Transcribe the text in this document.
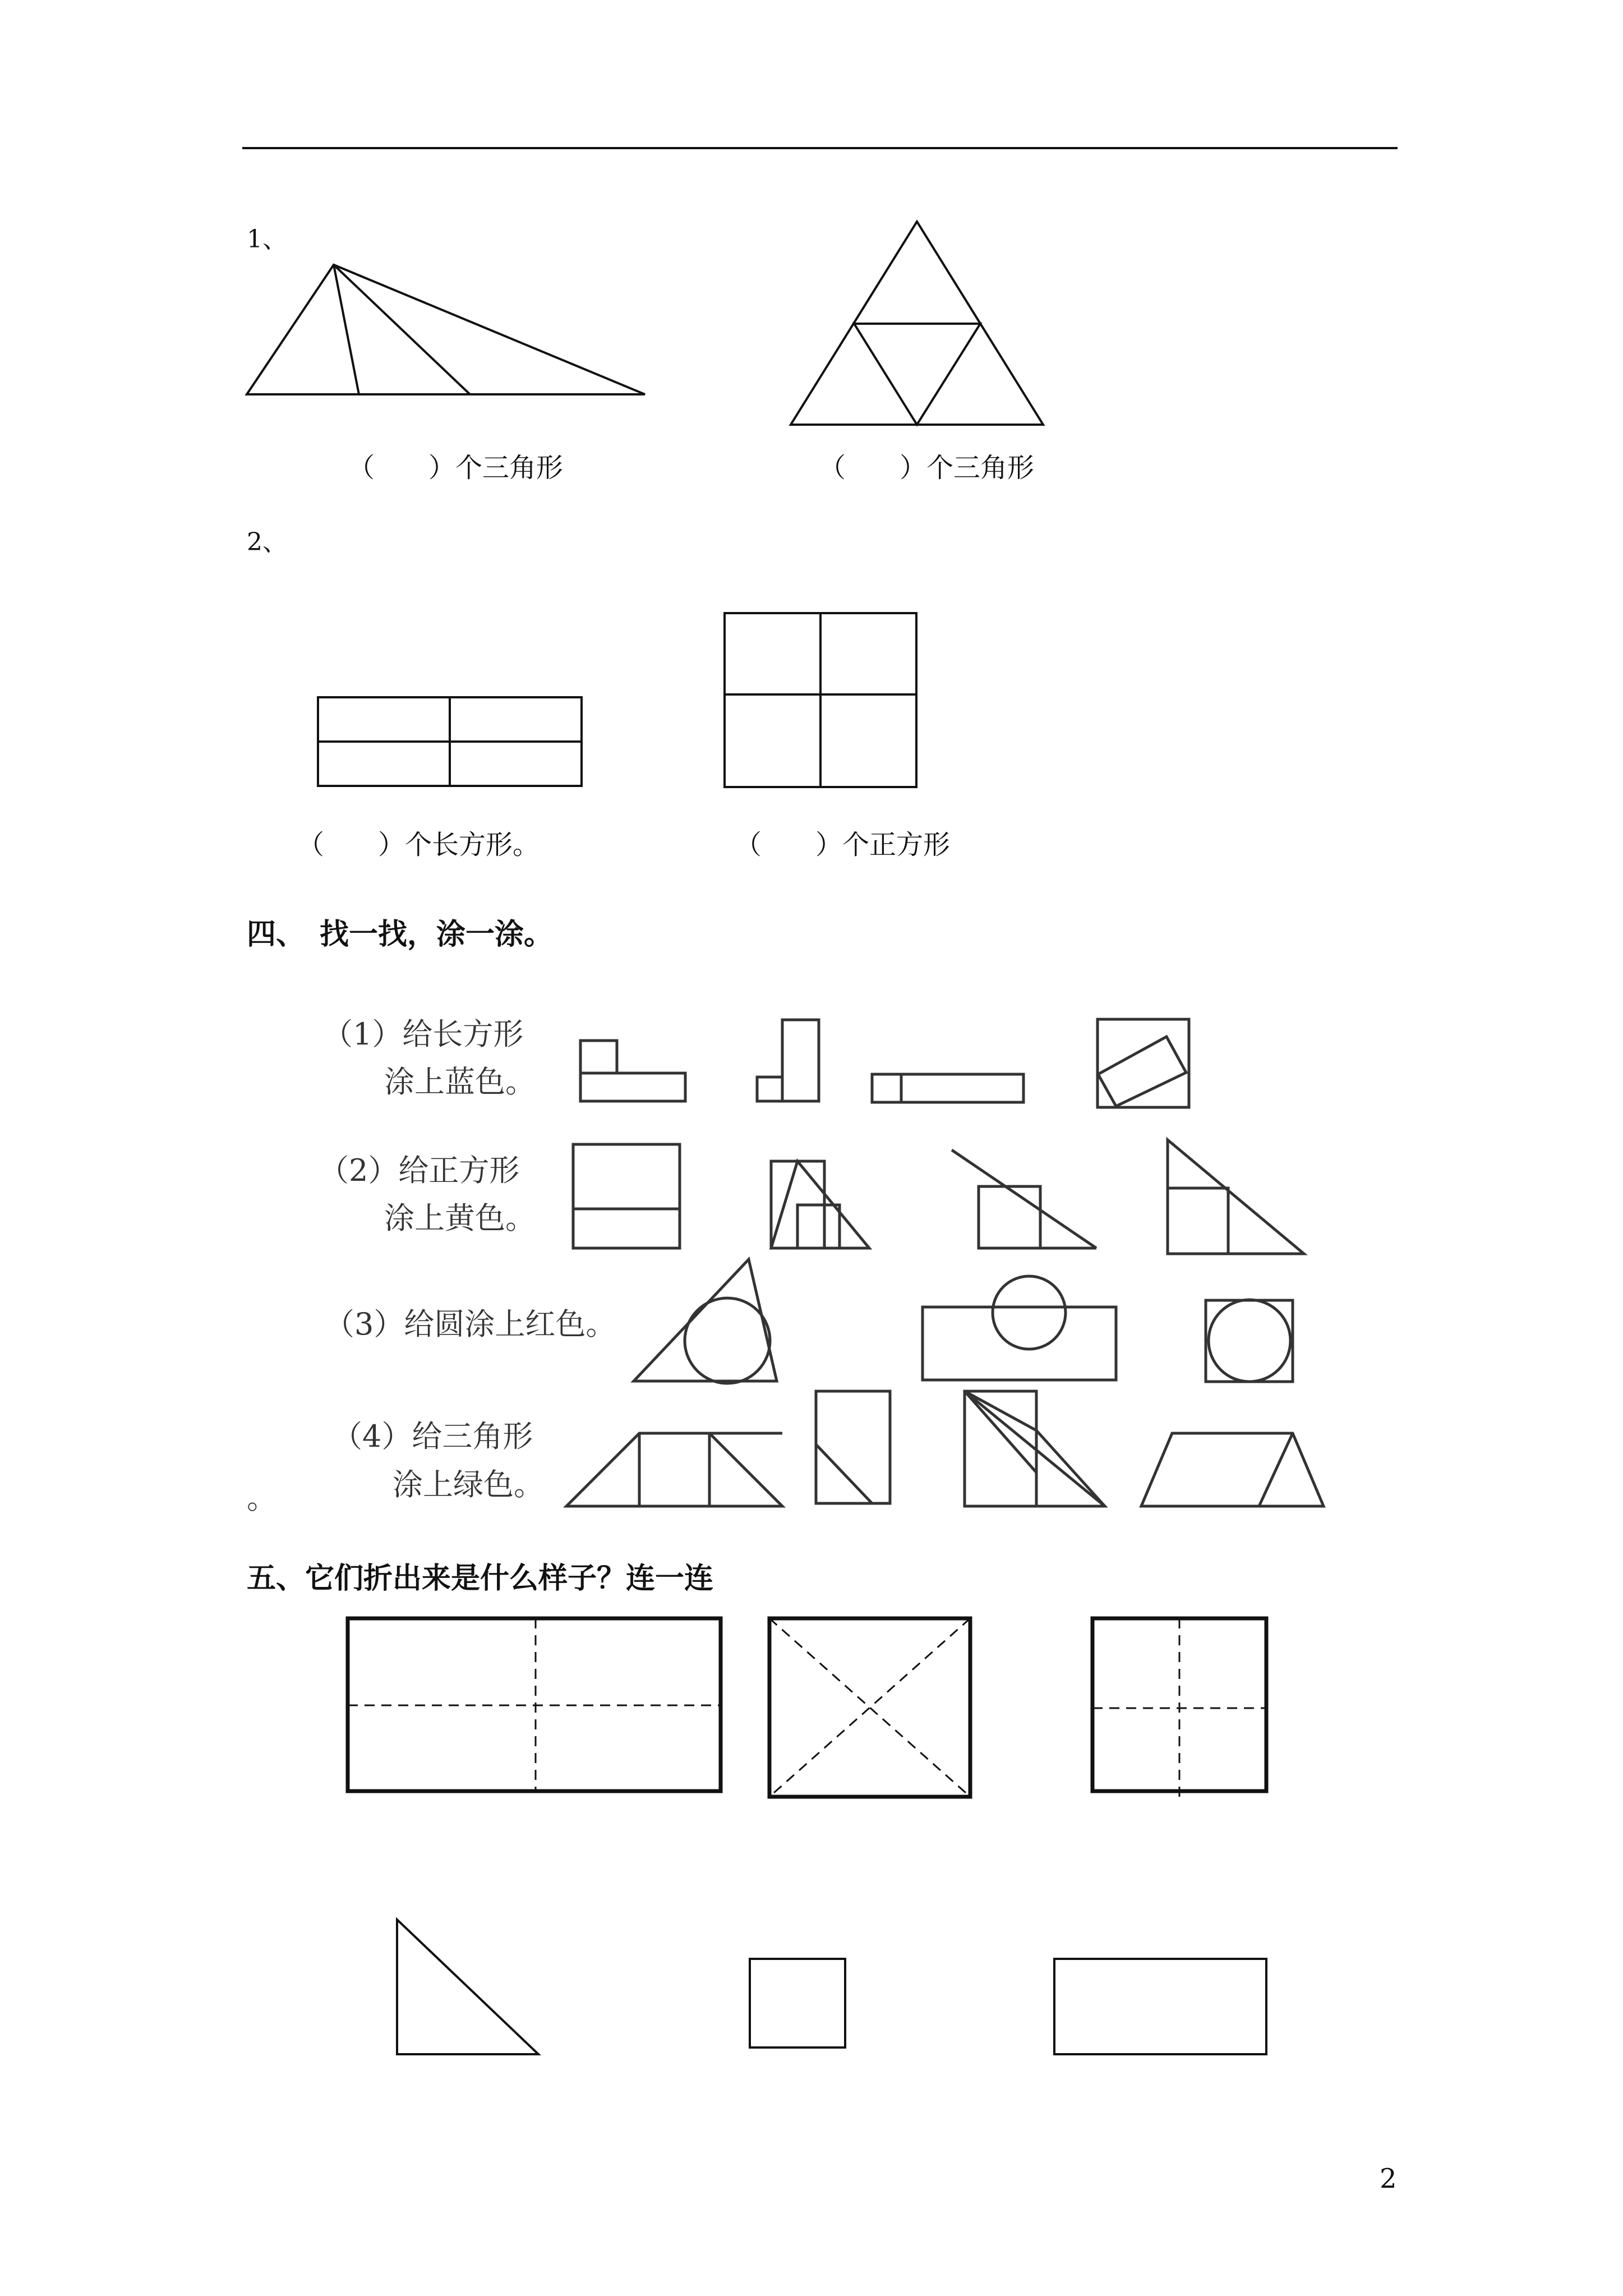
1、
（　　）个三角形	（　　）个三角形
2、
（　　）个长方形。	（　　）个正方形
四、　找一找，涂一涂。
（1）给长方形
涂上蓝色。
（2）给正方形
涂上黄色。
（3）给圆涂上红色。
（4）给三角形
涂上绿色。
。
五、它们折出来是什么样子？连一连
2
